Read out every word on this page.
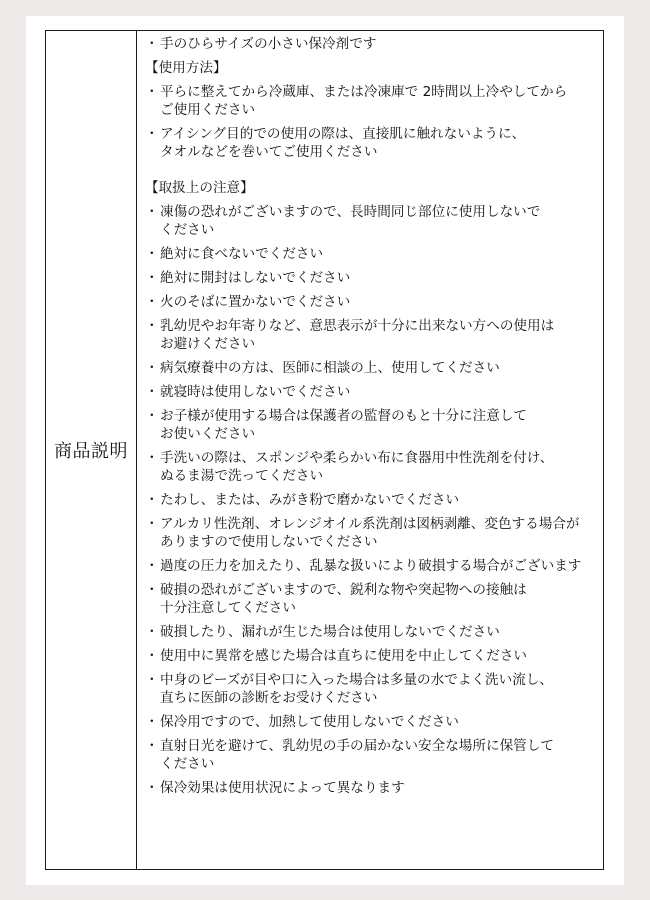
商品説明
・ 手のひらサイズの小さい保冷剤です
【使用方法】
・ 平らに整えてから冷蔵庫、または冷凍庫で 2時間以上冷やしてから
ご使用ください
・ アイシング目的での使用の際は、直接肌に触れないように、
タオルなどを巻いてご使用ください
【取扱上の注意】
・ 凍傷の恐れがございますので、長時間同じ部位に使用しないで
ください
・ 絶対に食べないでください
・ 絶対に開封はしないでください
・ 火のそばに置かないでください
・ 乳幼児やお年寄りなど、意思表示が十分に出来ない方への使用は
お避けください
・ 病気療養中の方は、医師に相談の上、使用してください
・ 就寝時は使用しないでください
・ お子様が使用する場合は保護者の監督のもと十分に注意して
お使いください
・ 手洗いの際は、スポンジや柔らかい布に食器用中性洗剤を付け、
ぬるま湯で洗ってください
・ たわし、または、みがき粉で磨かないでください
・ アルカリ性洗剤、オレンジオイル系洗剤は図柄剥離、変色する場合が
ありますので使用しないでください
・ 過度の圧力を加えたり、乱暴な扱いにより破損する場合がございます
・ 破損の恐れがございますので、鋭利な物や突起物への接触は
十分注意してください
・ 破損したり、漏れが生じた場合は使用しないでください
・ 使用中に異常を感じた場合は直ちに使用を中止してください
・ 中身のビーズが目や口に入った場合は多量の水でよく洗い流し、
直ちに医師の診断をお受けください
・ 保冷用ですので、加熱して使用しないでください
・ 直射日光を避けて、乳幼児の手の届かない安全な場所に保管して
ください
・ 保冷効果は使用状況によって異なります
